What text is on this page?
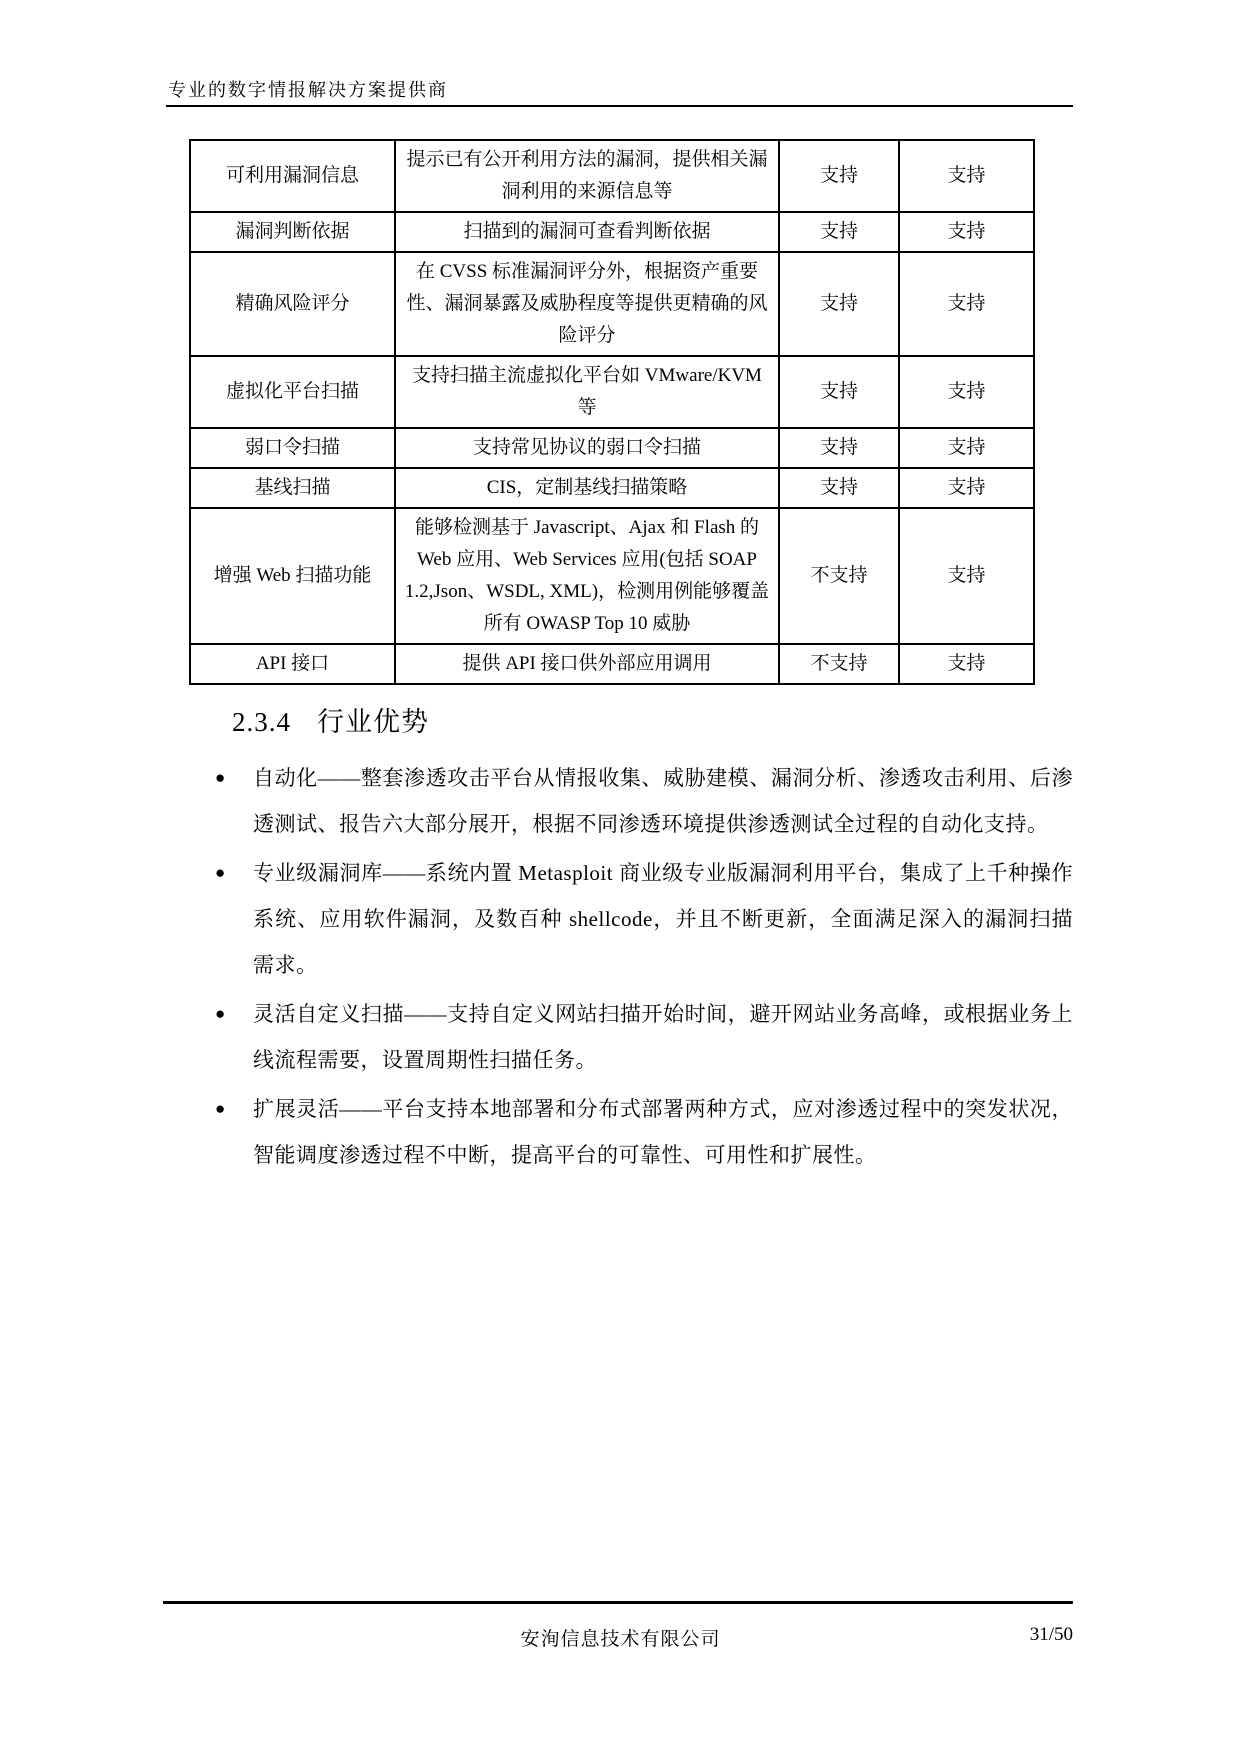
专业的数字情报解决方案提供商
可利用漏洞信息	提示已有公开利用方法的漏洞，提供相关漏洞利用的来源信息等	支持	支持
漏洞判断依据	扫描到的漏洞可查看判断依据	支持	支持
精确风险评分	在 CVSS 标准漏洞评分外，根据资产重要性、漏洞暴露及威胁程度等提供更精确的风险评分	支持	支持
虚拟化平台扫描	支持扫描主流虚拟化平台如 VMware/KVM 等	支持	支持
弱口令扫描	支持常见协议的弱口令扫描	支持	支持
基线扫描	CIS，定制基线扫描策略	支持	支持
增强 Web 扫描功能	能够检测基于 Javascript、Ajax 和 Flash 的 Web 应用、Web Services 应用(包括 SOAP 1.2,Json、WSDL, XML)，检测用例能够覆盖所有 OWASP Top 10 威胁	不支持	支持
API 接口	提供 API 接口供外部应用调用	不支持	支持
2.3.4 行业优势
●	自动化——整套渗透攻击平台从情报收集、威胁建模、漏洞分析、渗透攻击利用、后渗透测试、报告六大部分展开，根据不同渗透环境提供渗透测试全过程的自动化支持。
●	专业级漏洞库——系统内置 Metasploit 商业级专业版漏洞利用平台，集成了上千种操作系统、应用软件漏洞，及数百种 shellcode，并且不断更新，全面满足深入的漏洞扫描需求。
●	灵活自定义扫描——支持自定义网站扫描开始时间，避开网站业务高峰，或根据业务上线流程需要，设置周期性扫描任务。
●	扩展灵活——平台支持本地部署和分布式部署两种方式，应对渗透过程中的突发状况，智能调度渗透过程不中断，提高平台的可靠性、可用性和扩展性。
安洵信息技术有限公司	31/50
